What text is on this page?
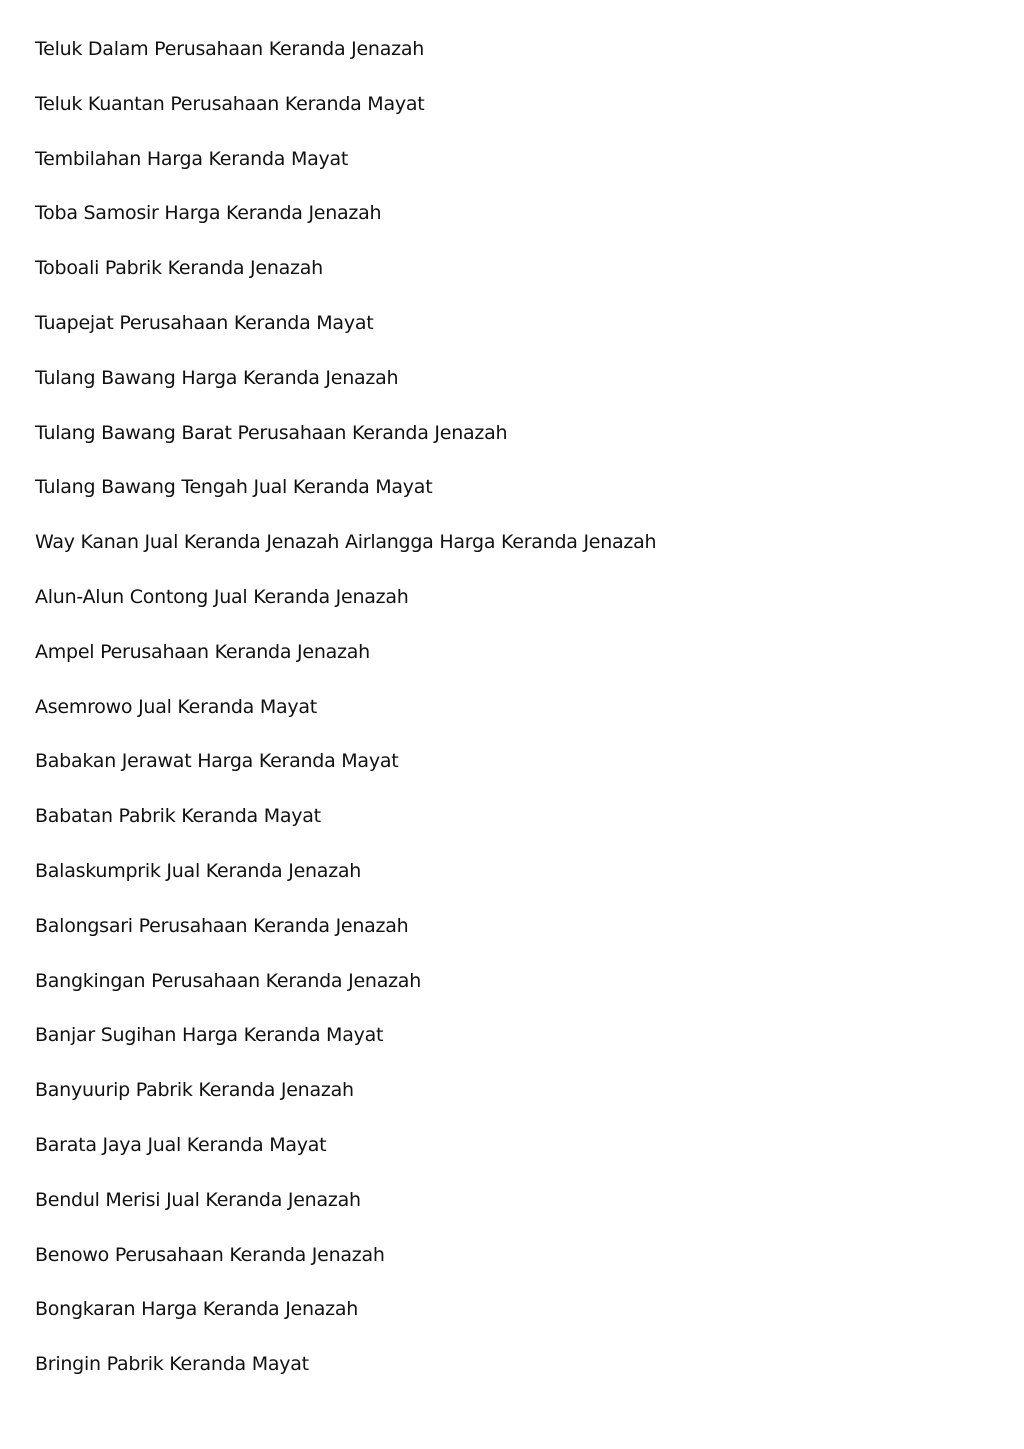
Teluk Dalam Perusahaan Keranda Jenazah
Teluk Kuantan Perusahaan Keranda Mayat
Tembilahan Harga Keranda Mayat
Toba Samosir Harga Keranda Jenazah
Toboali Pabrik Keranda Jenazah
Tuapejat Perusahaan Keranda Mayat
Tulang Bawang Harga Keranda Jenazah
Tulang Bawang Barat Perusahaan Keranda Jenazah
Tulang Bawang Tengah Jual Keranda Mayat
Way Kanan Jual Keranda Jenazah Airlangga Harga Keranda Jenazah
Alun-Alun Contong Jual Keranda Jenazah
Ampel Perusahaan Keranda Jenazah
Asemrowo Jual Keranda Mayat
Babakan Jerawat Harga Keranda Mayat
Babatan Pabrik Keranda Mayat
Balaskumprik Jual Keranda Jenazah
Balongsari Perusahaan Keranda Jenazah
Bangkingan Perusahaan Keranda Jenazah
Banjar Sugihan Harga Keranda Mayat
Banyuurip Pabrik Keranda Jenazah
Barata Jaya Jual Keranda Mayat
Bendul Merisi Jual Keranda Jenazah
Benowo Perusahaan Keranda Jenazah
Bongkaran Harga Keranda Jenazah
Bringin Pabrik Keranda Mayat
